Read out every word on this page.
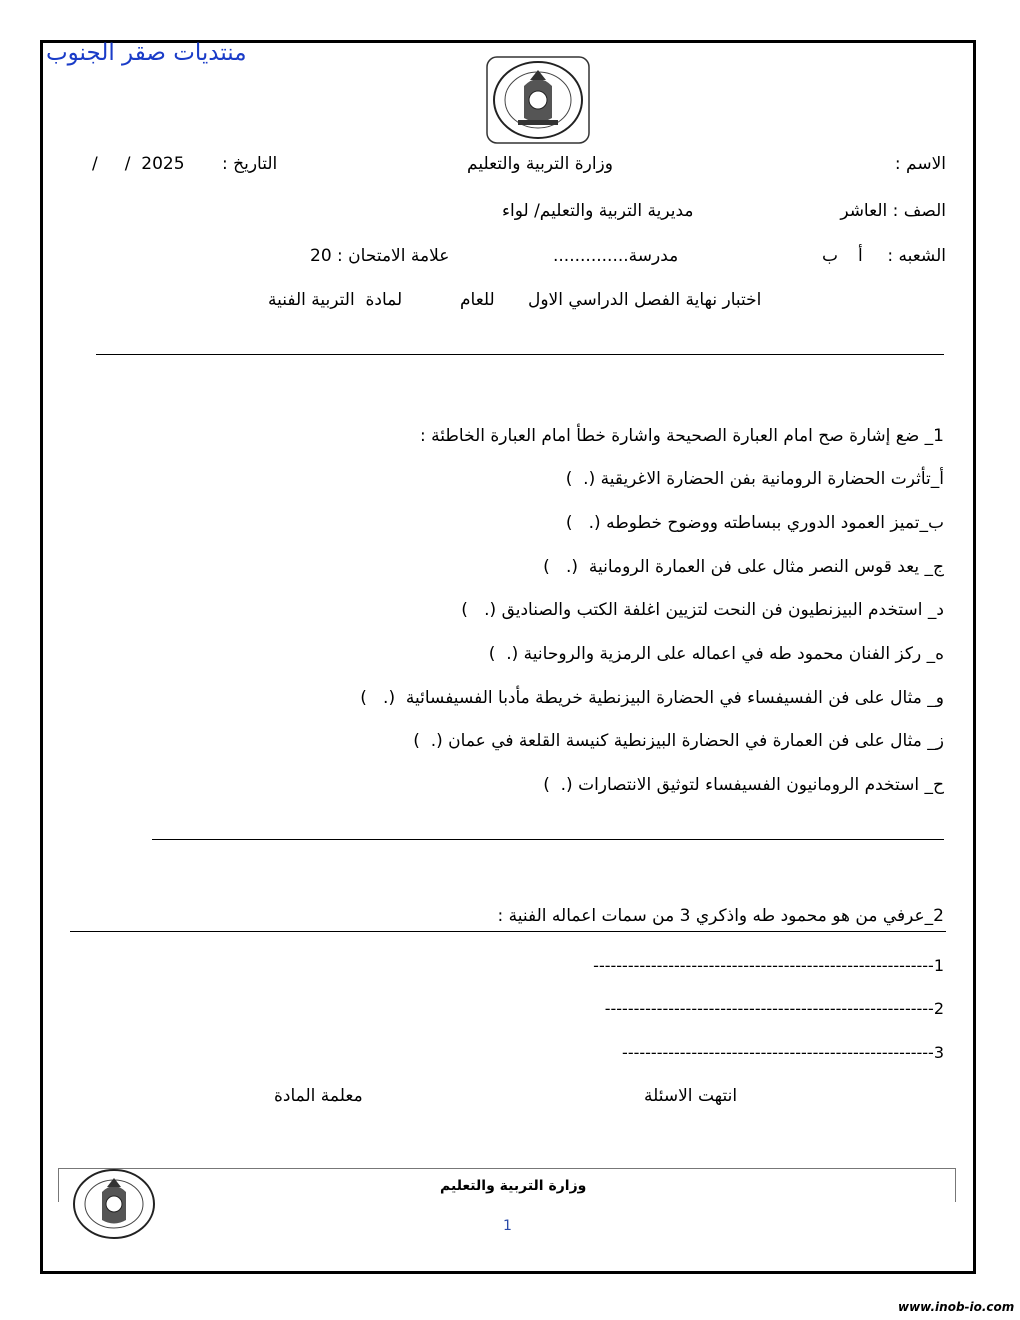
منتديات صقر الجنوب
الاسم :
وزارة التربية والتعليم
التاريخ :
/     /  2025
الصف : العاشر
مديرية التربية والتعليم/ لواء
الشعبه :
أ
ب
مدرسة..............
علامة الامتحان : 20
اختبار نهاية الفصل الدراسي الاول
للعام
لمادة  التربية الفنية
1_ ضع إشارة صح امام العبارة الصحيحة واشارة خطأ امام العبارة الخاطئة :
أ_تأثرت الحضارة الرومانية بفن الحضارة الاغريقية (.  )
ب_تميز العمود الدوري ببساطته ووضوح خطوطه (.   )
ج_ يعد قوس النصر مثال على فن العمارة الرومانية  (.   )
د_ استخدم البيزنطيون فن النحت لتزيين اغلفة الكتب والصناديق (.   )
ه_ ركز الفنان محمود طه في اعماله على الرمزية والروحانية (.  )
و_ مثال على فن الفسيفساء في الحضارة البيزنطية خريطة مأدبا الفسيفسائية  (.   )
ز_ مثال على فن العمارة في الحضارة البيزنطية كنيسة القلعة في عمان (.  )
ح_ استخدم الرومانيون الفسيفساء لتوثيق الانتصارات (.  )
2_عرفي من هو محمود طه واذكري 3 من سمات اعماله الفنية :
1-----------------------------------------------------------
2---------------------------------------------------------
3------------------------------------------------------
انتهت الاسئلة
معلمة المادة
وزارة التربية والتعليم
1
www.inob-io.com
